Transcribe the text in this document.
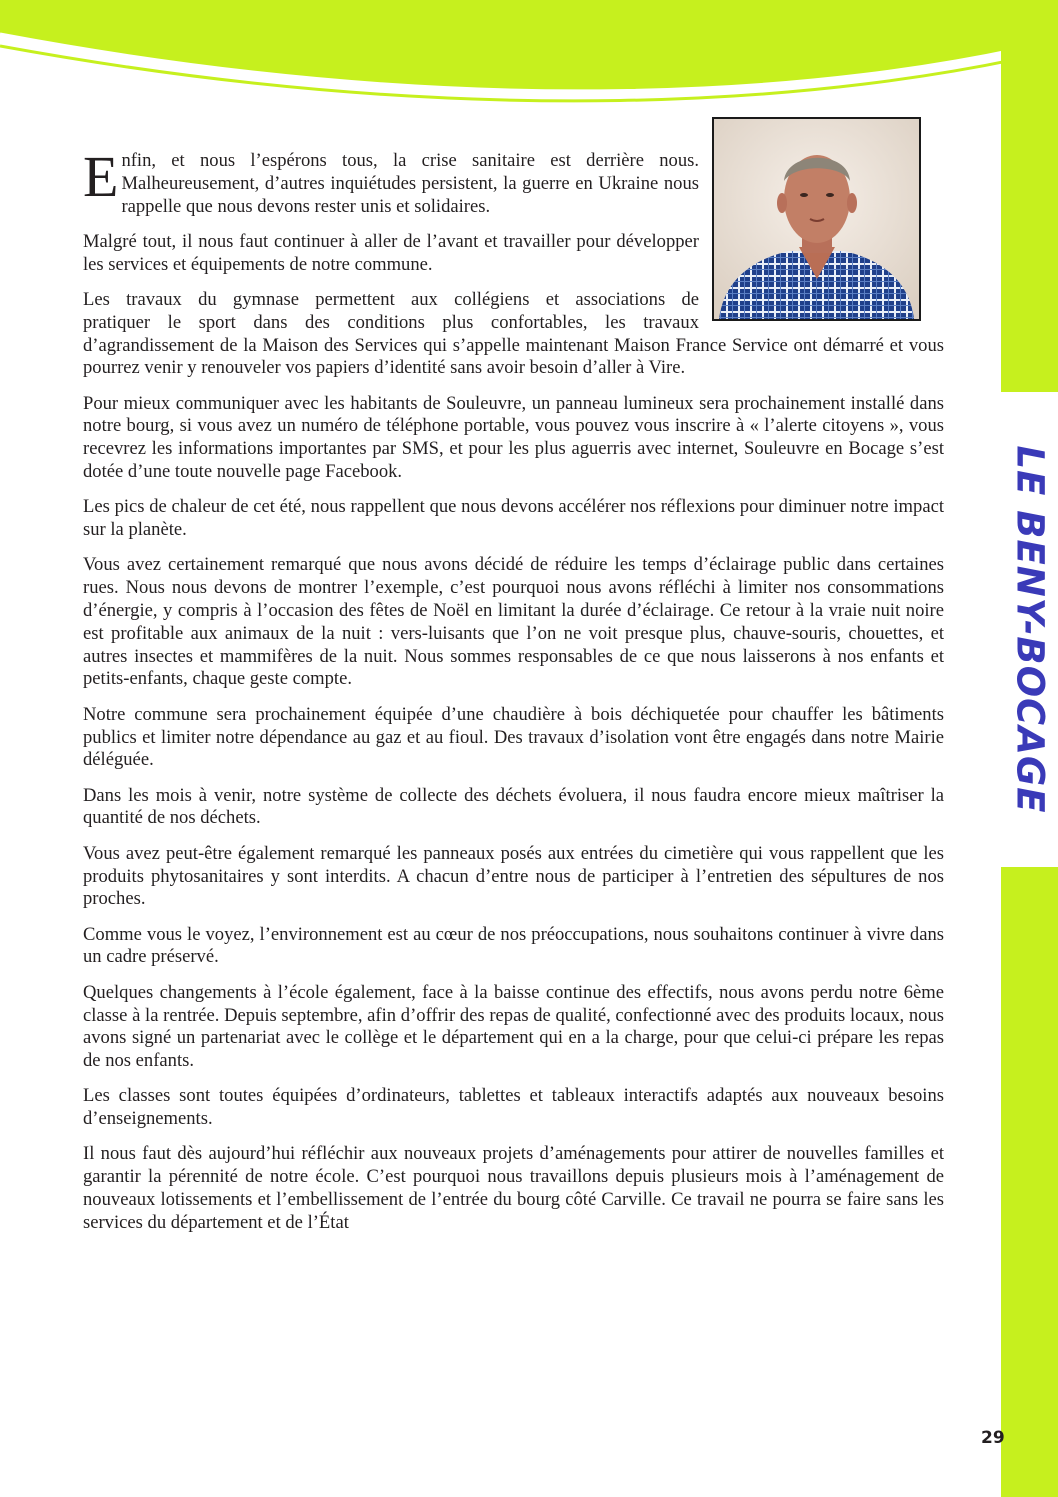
LE BENY-BOCAGE

Enfin, et nous l’espérons tous, la crise sanitaire est derrière nous. Malheureusement, d’autres inquiétudes persistent, la guerre en Ukraine nous rappelle que nous devons rester unis et solidaires.

Malgré tout, il nous faut continuer à aller de l’avant et travailler pour développer les services et équipements de notre commune.

Les travaux du gymnase permettent aux collégiens et associations de
pratiquer le sport dans des conditions plus confortables, les travaux
d’agrandissement de la Maison des Services qui s’appelle maintenant Maison France Service ont démarré et vous pourrez venir y renouveler vos papiers d’identité sans avoir besoin d’aller à Vire.

Pour mieux communiquer avec les habitants de Souleuvre, un panneau lumineux sera prochainement installé dans notre bourg, si vous avez un numéro de téléphone portable, vous pouvez vous inscrire à « l’alerte citoyens », vous recevrez les informations importantes par SMS, et pour les plus aguerris avec internet, Souleuvre en Bocage s’est dotée d’une toute nouvelle page Facebook.

Les pics de chaleur de cet été, nous rappellent que nous devons accélérer nos réflexions pour diminuer notre impact sur la planète.

Vous avez certainement remarqué que nous avons décidé de réduire les temps d’éclairage public dans certaines rues. Nous nous devons de montrer l’exemple, c’est pourquoi nous avons réfléchi à limiter nos consommations d’énergie, y compris à l’occasion des fêtes de Noël en limitant la durée d’éclairage. Ce retour à la vraie nuit noire est profitable aux animaux de la nuit : vers-luisants que l’on ne voit presque plus, chauve-souris, chouettes, et autres insectes et mammifères de la nuit. Nous sommes responsables de ce que nous laisserons à nos enfants et petits-enfants, chaque geste compte.

Notre commune sera prochainement équipée d’une chaudière à bois déchiquetée pour chauffer les bâtiments publics et limiter notre dépendance au gaz et au fioul. Des travaux d’isolation vont être engagés dans notre Mairie déléguée.

Dans les mois à venir, notre système de collecte des déchets évoluera, il nous faudra encore mieux maîtriser la quantité de nos déchets.

Vous avez peut-être également remarqué les panneaux posés aux entrées du cimetière qui vous rappellent que les produits phytosanitaires y sont interdits. A chacun d’entre nous de participer à l’entretien des sépultures de nos proches.

Comme vous le voyez, l’environnement est au cœur de nos préoccupations, nous souhaitons continuer à vivre dans un cadre préservé.

Quelques changements à l’école également, face à la baisse continue des effectifs, nous avons perdu notre 6ème classe à la rentrée. Depuis septembre, afin d’offrir des repas de qualité, confectionné avec des produits locaux, nous avons signé un partenariat avec le collège et le département qui en a la charge, pour que celui-ci prépare les repas de nos enfants.

Les classes sont toutes équipées d’ordinateurs, tablettes et tableaux interactifs adaptés aux nouveaux besoins d’enseignements.

Il nous faut dès aujourd’hui réfléchir aux nouveaux projets d’aménagements pour attirer de nouvelles familles et garantir la pérennité de notre école. C’est pourquoi nous travaillons depuis plusieurs mois à l’aménagement de nouveaux lotissements et l’embellissement de l’entrée du bourg côté Carville. Ce travail ne pourra se faire sans les services du département et de l’État

29
